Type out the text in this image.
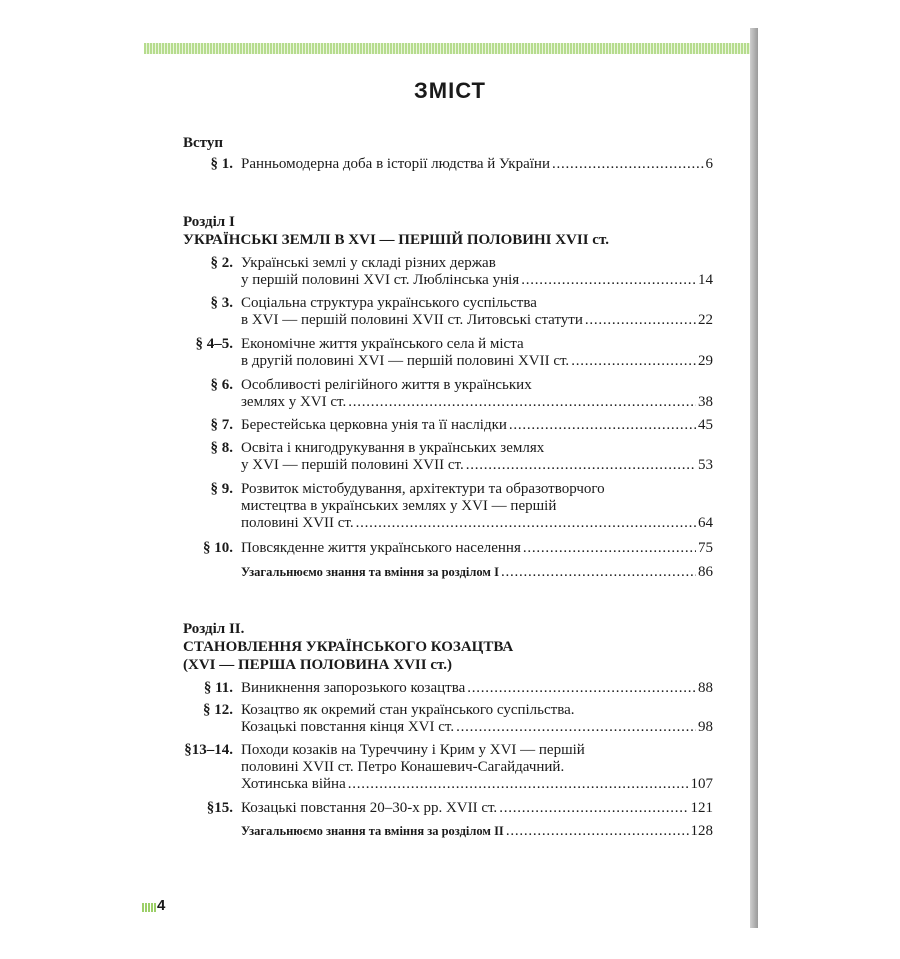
ЗМІСТ
Вступ
§ 1. Ранньомодерна доба в історії людства й України . . .	6
Розділ I
УКРАЇНСЬКІ ЗЕМЛІ В XVI — ПЕРШІЙ ПОЛОВИНІ XVII ст.
§ 2. Українські землі у складі різних держав
у першій половині XVI ст. Люблінська унія . . .	14
§ 3. Соціальна структура українського суспільства
в XVI — першій половині XVII ст. Литовські статути . . .	22
§ 4–5. Економічне життя українського села й міста
в другій половині XVI — першій половині XVII ст. . . .	29
§ 6. Особливості релігійного життя в українських
землях у XVI ст. . . .	38
§ 7. Берестейська церковна унія та її наслідки . . .	45
§ 8. Освіта і книгодрукування в українських землях
у XVI — першій половині XVII ст. . . .	53
§ 9. Розвиток містобудування, архітектури та образотворчого
мистецтва в українських землях у XVI — першій
половині XVII ст. . . .	64
§ 10. Повсякденне життя українського населення . . .	75
Узагальнюємо знання та вміння за розділом I . . .	86
Розділ II.
СТАНОВЛЕННЯ УКРАЇНСЬКОГО КОЗАЦТВА
(XVI — ПЕРША ПОЛОВИНА XVII ст.)
§ 11. Виникнення запорозького козацтва . . .	88
§ 12. Козацтво як окремий стан українського суспільства.
Козацькі повстання кінця XVI ст. . . .	98
§13–14. Походи козаків на Туреччину і Крим у XVI — першій
половині XVII ст. Петро Конашевич-Сагайдачний.
Хотинська війна . . .	107
§15. Козацькі повстання 20–30-х рр. XVII ст. . . .	121
Узагальнюємо знання та вміння за розділом II . . .	128
4
